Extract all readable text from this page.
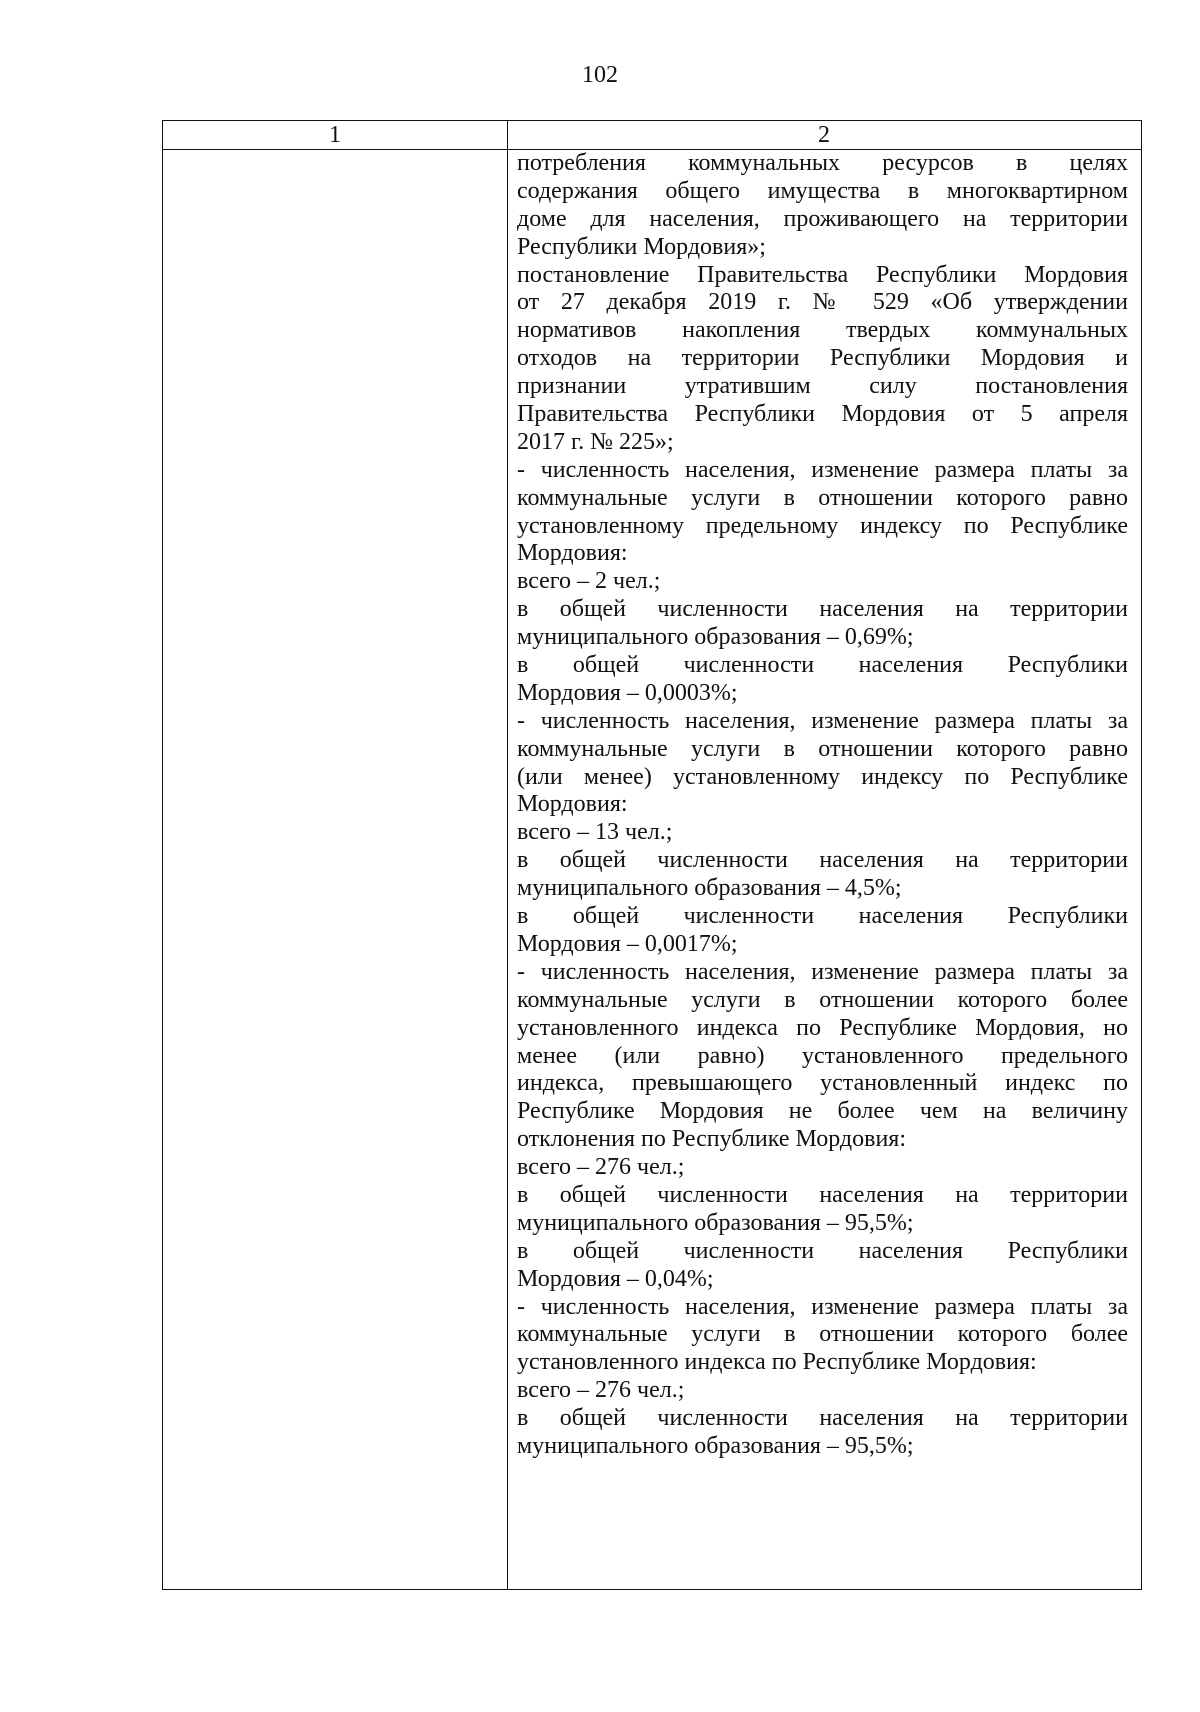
102
1	2
потребления коммунальных ресурсов в целях
содержания общего имущества в многоквартирном
доме для населения, проживающего на территории
Республики Мордовия»;
постановление Правительства Республики Мордовия
от 27 декабря 2019 г. № 529 «Об утверждении
нормативов накопления твердых коммунальных
отходов на территории Республики Мордовия и
признании утратившим силу постановления
Правительства Республики Мордовия от 5 апреля
2017 г. № 225»;
- численность населения, изменение размера платы за
коммунальные услуги в отношении которого равно
установленному предельному индексу по Республике
Мордовия:
всего – 2 чел.;
в общей численности населения на территории
муниципального образования – 0,69%;
в общей численности населения Республики
Мордовия – 0,0003%;
- численность населения, изменение размера платы за
коммунальные услуги в отношении которого равно
(или менее) установленному индексу по Республике
Мордовия:
всего – 13 чел.;
в общей численности населения на территории
муниципального образования – 4,5%;
в общей численности населения Республики
Мордовия – 0,0017%;
- численность населения, изменение размера платы за
коммунальные услуги в отношении которого более
установленного индекса по Республике Мордовия, но
менее (или равно) установленного предельного
индекса, превышающего установленный индекс по
Республике Мордовия не более чем на величину
отклонения по Республике Мордовия:
всего – 276 чел.;
в общей численности населения на территории
муниципального образования – 95,5%;
в общей численности населения Республики
Мордовия – 0,04%;
- численность населения, изменение размера платы за
коммунальные услуги в отношении которого более
установленного индекса по Республике Мордовия:
всего – 276 чел.;
в общей численности населения на территории
муниципального образования – 95,5%;
